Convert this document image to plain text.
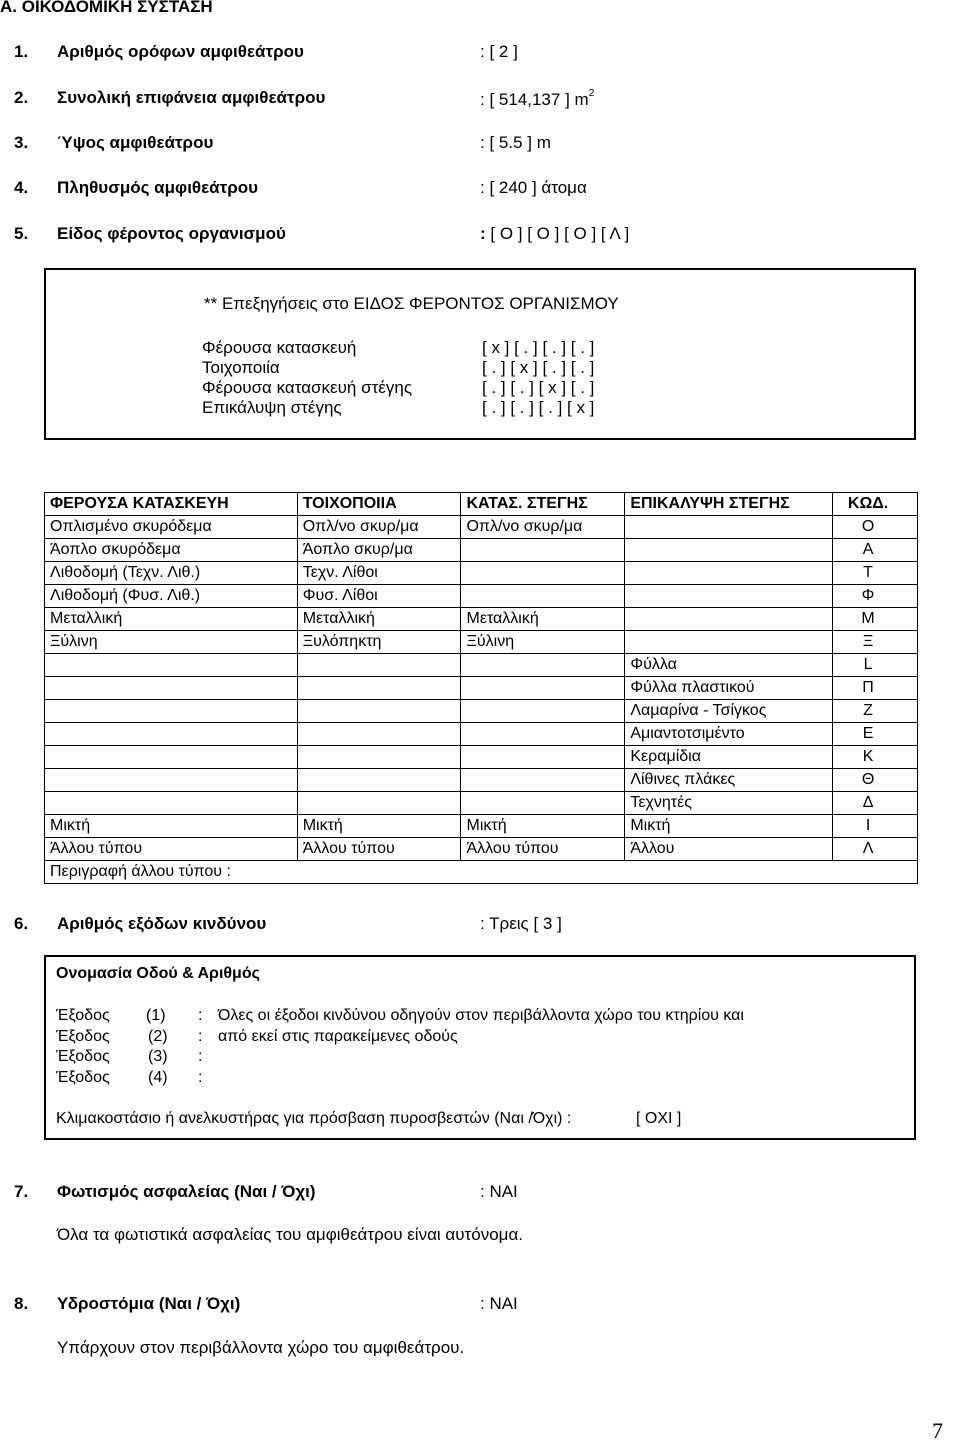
A. ΟΙΚΟΔΟΜΙΚΗ ΣΥΣΤΑΣΗ
1. Αριθμός ορόφων αμφιθεάτρου	: [ 2 ]
2. Συνολική επιφάνεια αμφιθεάτρου	: [ 514,137 ] $m^2$
3. Ύψος αμφιθεάτρου	: [ 5.5 ] m
4. Πληθυσμός αμφιθεάτρου	: [ 240 ] άτομα
5. Είδος φέροντος οργανισμού	: [ Ο ] [ Ο ] [ Ο ] [ Λ ]
** Επεξηγήσεις στο ΕΙΔΟΣ ΦΕΡΟΝΤΟΣ ΟΡΓΑΝΙΣΜΟΥ
Φέρουσα κατασκευή	[ x ] [ . ] [ . ] [ . ]
Τοιχοποιία	[ . ] [ x ] [ . ] [ . ]
Φέρουσα κατασκευή στέγης	[ . ] [ . ] [ x ] [ . ]
Επικάλυψη στέγης	[ . ] [ . ] [ . ] [ x ]
ΦΕΡΟΥΣΑ ΚΑΤΑΣΚΕΥΗ	ΤΟΙΧΟΠΟΙΙΑ	ΚΑΤΑΣ. ΣΤΕΓΗΣ	ΕΠΙΚΑΛΥΨΗ ΣΤΕΓΗΣ	ΚΩΔ.
Οπλισμένο σκυρόδεμα	Οπλ/νο σκυρ/μα	Οπλ/νο σκυρ/μα		Ο
Άοπλο σκυρόδεμα	Άοπλο σκυρ/μα			Α
Λιθοδομή (Τεχν. Λιθ.)	Τεχν. Λίθοι			Τ
Λιθοδομή (Φυσ. Λιθ.)	Φυσ. Λίθοι			Φ
Μεταλλική	Μεταλλική	Μεταλλική		Μ
Ξύλινη	Ξυλόπηκτη	Ξύλινη		Ξ
			Φύλλα	L
			Φύλλα πλαστικού	Π
			Λαμαρίνα - Τσίγκος	Ζ
			Αμιαντοτσιμέντο	Ε
			Κεραμίδια	Κ
			Λίθινες πλάκες	Θ
			Τεχνητές	Δ
Μικτή	Μικτή	Μικτή	Μικτή	Ι
Άλλου τύπου	Άλλου τύπου	Άλλου τύπου	Άλλου	Λ
Περιγραφή άλλου τύπου :				
6. Αριθμός εξόδων κινδύνου	: Τρεις [ 3 ]
Ονομασία Οδού & Αριθμός
Έξοδος (1) : Όλες οι έξοδοι κινδύνου οδηγούν στον περιβάλλοντα χώρο του κτηρίου και
Έξοδος (2) : από εκεί στις παρακείμενες οδούς
Έξοδος (3) :
Έξοδος (4) :
Κλιμακοστάσιο ή ανελκυστήρας για πρόσβαση πυροσβεστών (Ναι /Όχι) :	[ ΟΧΙ ]
7. Φωτισμός ασφαλείας (Ναι / Όχι)	: ΝΑΙ
Όλα τα φωτιστικά ασφαλείας του αμφιθεάτρου είναι αυτόνομα.
8. Υδροστόμια (Ναι / Όχι)	: ΝΑΙ
Υπάρχουν στον περιβάλλοντα χώρο του αμφιθεάτρου.
7
